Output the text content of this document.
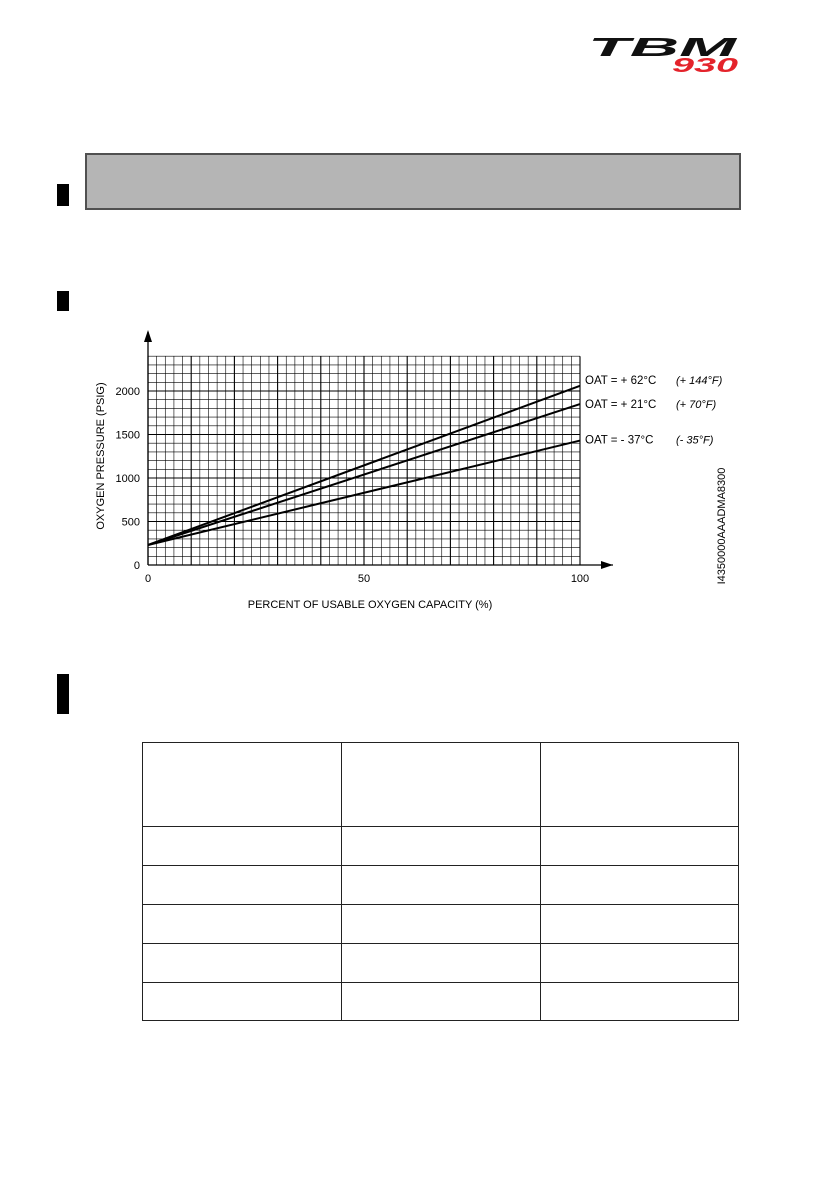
TBM
930
0
500
1000
1500
2000
0	50	100
OAT = + 62°C (+ 144°F)
OAT = + 21°C (+ 70°F)
OAT = - 37°C (- 35°F)
PERCENT OF USABLE OXYGEN CAPACITY (%)
OXYGEN PRESSURE (PSIG)	I4350000AAADMA8300
